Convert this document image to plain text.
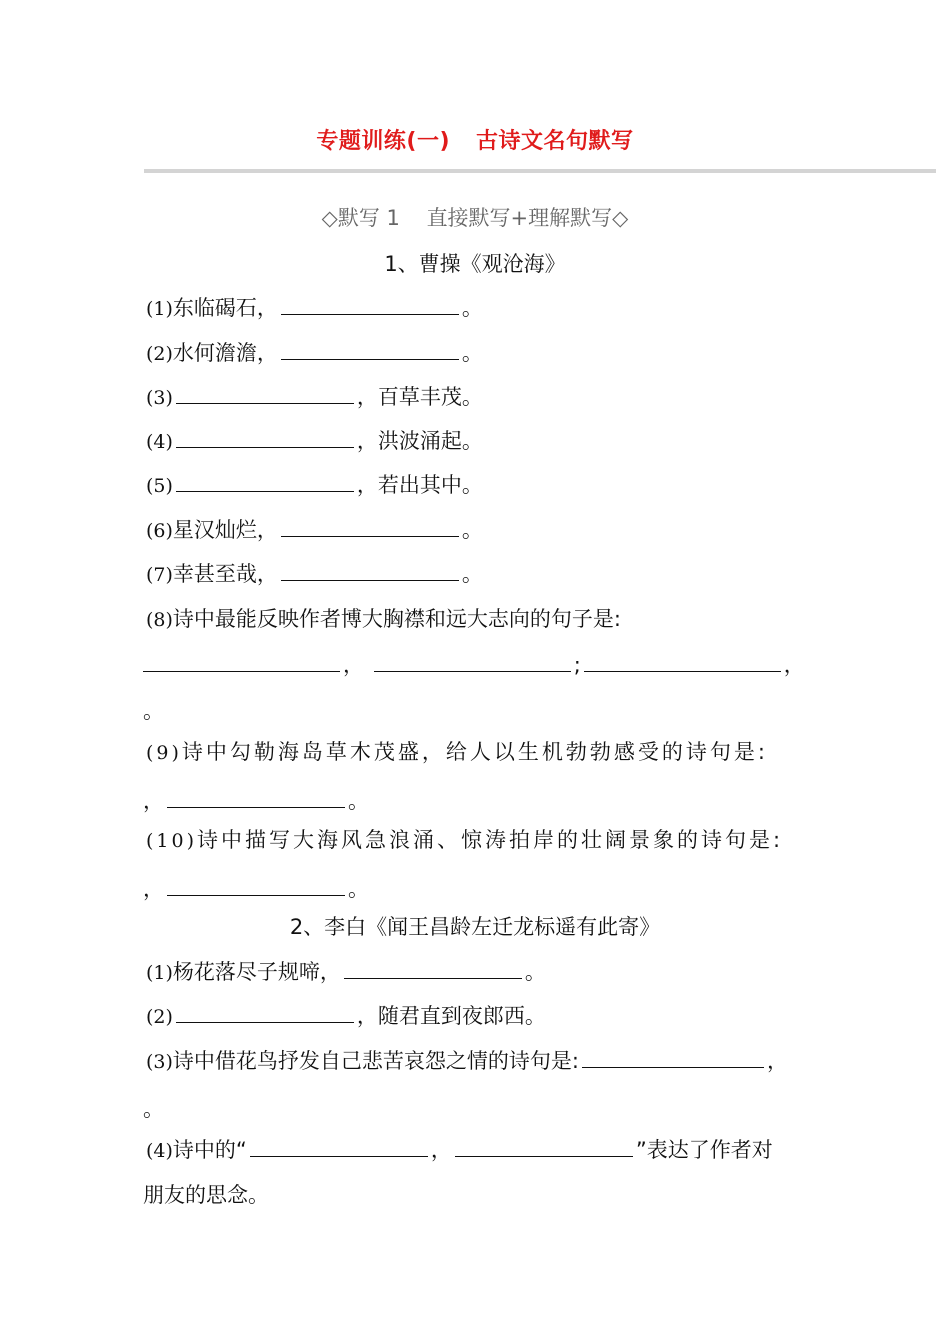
专题训练(一) 古诗文名句默写
◇默写 1 直接默写+理解默写◇
1、曹操《观沧海》
(1)东临碣石，	。
(2)水何澹澹，	。
(3)	，百草丰茂。
(4)	，洪波涌起。
(5)	，若出其中。
(6)星汉灿烂，	。
(7)幸甚至哉，	。
(8)诗中最能反映作者博大胸襟和远大志向的句子是:
，	;	，
。
(9)诗中勾勒海岛草木茂盛，给人以生机勃勃感受的诗句是:
，	。
(10)诗中描写大海风急浪涌、惊涛拍岸的壮阔景象的诗句是:
，	。
2、李白《闻王昌龄左迁龙标遥有此寄》
(1)杨花落尽子规啼，	。
(2)	，随君直到夜郎西。
(3)诗中借花鸟抒发自己悲苦哀怨之情的诗句是:	，
。
(4)诗中的“	，	”表达了作者对
朋友的思念。
